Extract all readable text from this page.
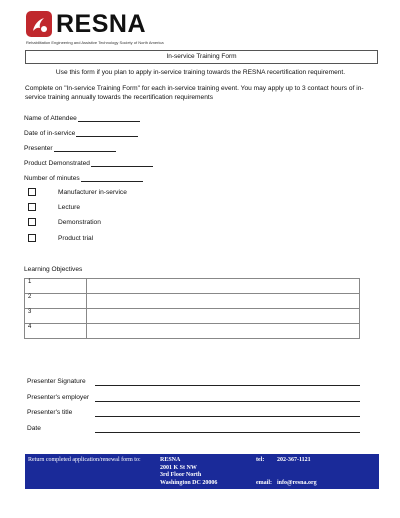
RESNA
Rehabilitation Engineering and Assistive Technology Society of North America
In-service Training Form
Use this form if you plan to apply in-service training towards the RESNA recertification requirement.
Complete on "In-service Training Form" for each in-service training event. You may apply up to 3 contact hours of in-service training annually towards the recertification requirements
Name of Attendee
Date of in-service
Presenter
Product Demonstrated
Number of minutes
Manufacturer in-service
Lecture
Demonstration
Product trial
Learning Objectives
1	
2	
3	
4	
Presenter Signature
Presenter's employer
Presenter's title
Date
Return completed application/renewal form to:	RESNA
2001 K St NW
3rd Floor North
Washington DC 20006
tel: 202-367-1121
email: info@resna.org
